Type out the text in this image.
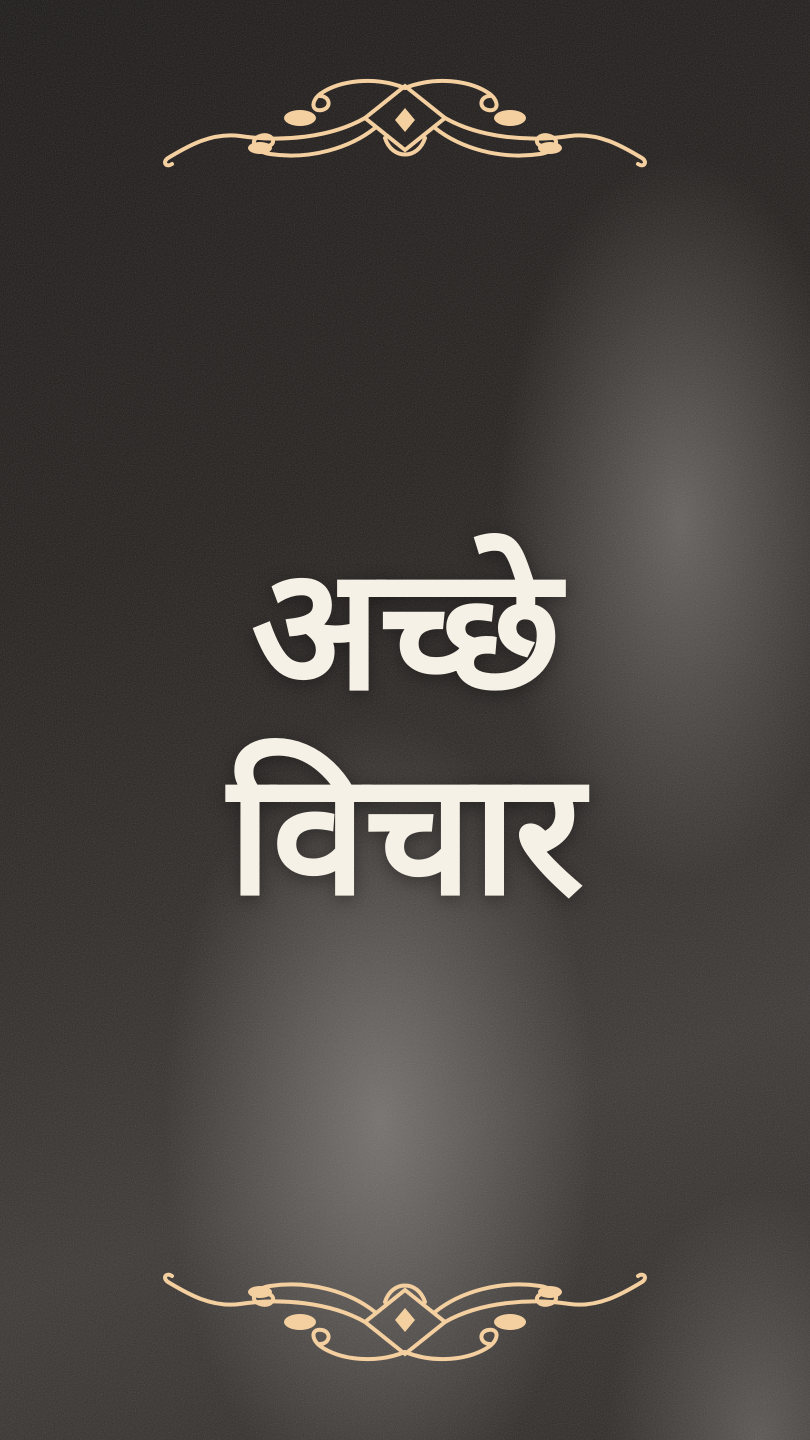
अच्छे
विचार
